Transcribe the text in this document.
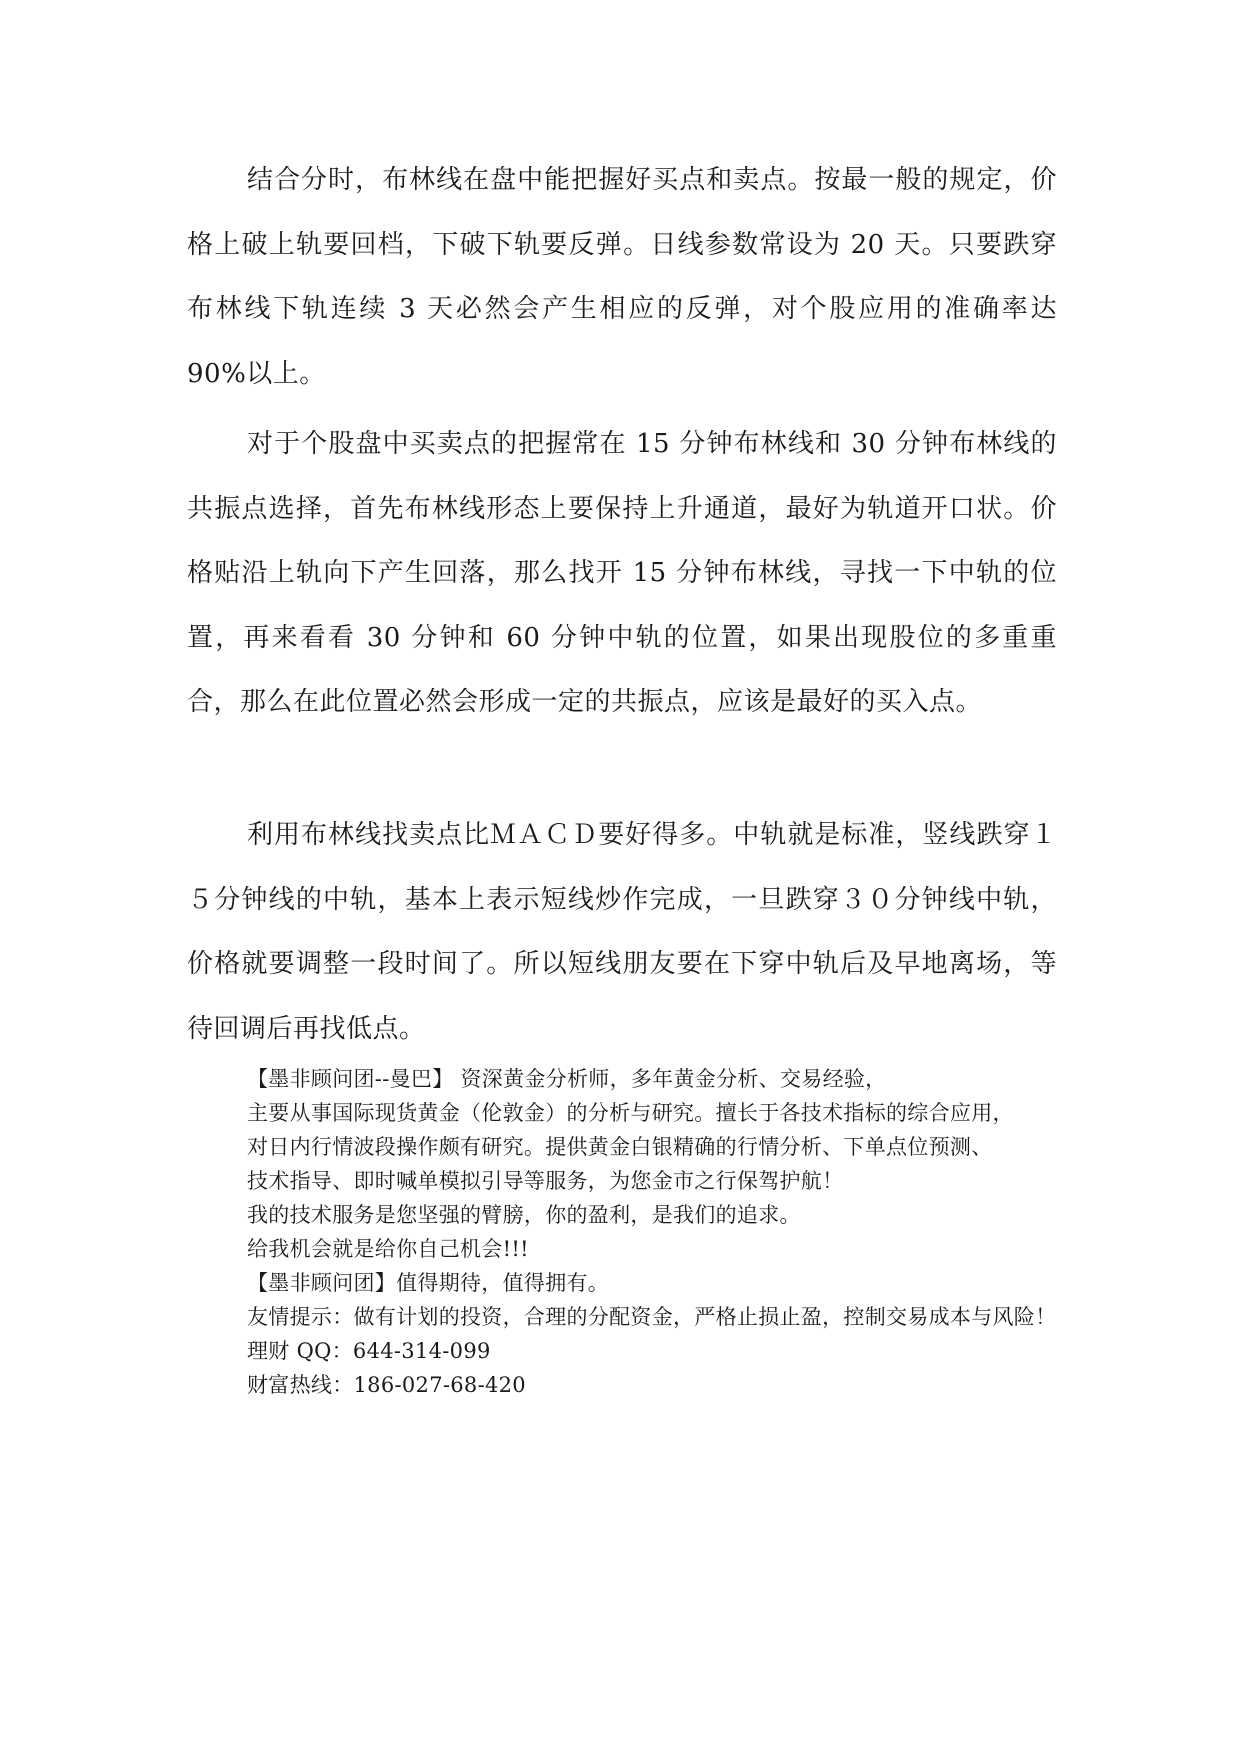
结合分时，布林线在盘中能把握好买点和卖点。按最一般的规定，价格上破上轨要回档，下破下轨要反弹。日线参数常设为 20 天。只要跌穿布林线下轨连续 3 天必然会产生相应的反弹，对个股应用的准确率达 90%以上。

对于个股盘中买卖点的把握常在 15 分钟布林线和 30 分钟布林线的共振点选择，首先布林线形态上要保持上升通道，最好为轨道开口状。价格贴沿上轨向下产生回落，那么找开 15 分钟布林线，寻找一下中轨的位置，再来看看 30 分钟和 60 分钟中轨的位置，如果出现股位的多重重合，那么在此位置必然会形成一定的共振点，应该是最好的买入点。

利用布林线找卖点比ＭＡＣＤ要好得多。中轨就是标准，竖线跌穿１５分钟线的中轨，基本上表示短线炒作完成，一旦跌穿３０分钟线中轨，价格就要调整一段时间了。所以短线朋友要在下穿中轨后及早地离场，等待回调后再找低点。

【墨非顾问团--曼巴】 资深黄金分析师，多年黄金分析、交易经验，

主要从事国际现货黄金（伦敦金）的分析与研究。擅长于各技术指标的综合应用，

对日内行情波段操作颇有研究。提供黄金白银精确的行情分析、下单点位预测、

技术指导、即时喊单模拟引导等服务，为您金市之行保驾护航！

我的技术服务是您坚强的臂膀，你的盈利，是我们的追求。

给我机会就是给你自己机会!!!

【墨非顾问团】值得期待，值得拥有。

友情提示：做有计划的投资，合理的分配资金，严格止损止盈，控制交易成本与风险！

理财 QQ：644-314-099

财富热线：186-027-68-420
